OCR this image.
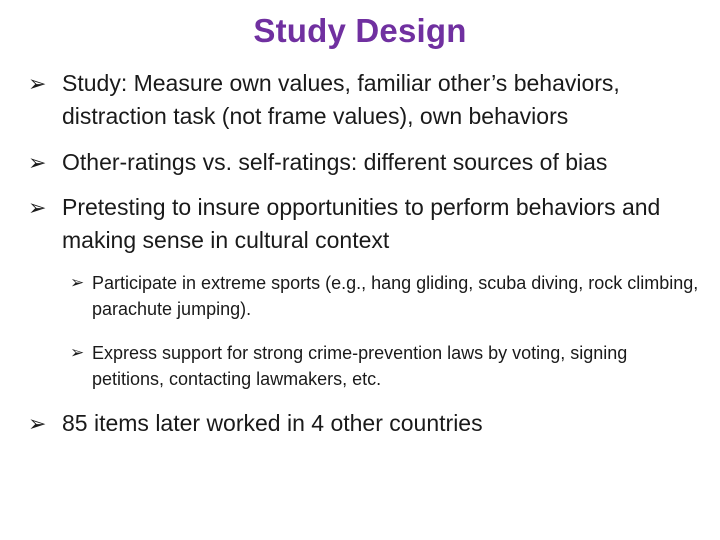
Study Design
➢ Study: Measure own values, familiar other’s behaviors, distraction task (not frame values), own behaviors
➢ Other-ratings vs. self-ratings: different sources of bias
➢ Pretesting to insure opportunities to perform behaviors and making sense in cultural context
➢ Participate in extreme sports (e.g., hang gliding, scuba diving, rock climbing, parachute jumping).
➢ Express support for strong crime-prevention laws by voting, signing petitions, contacting lawmakers, etc.
➢ 85 items later worked in 4 other countries
